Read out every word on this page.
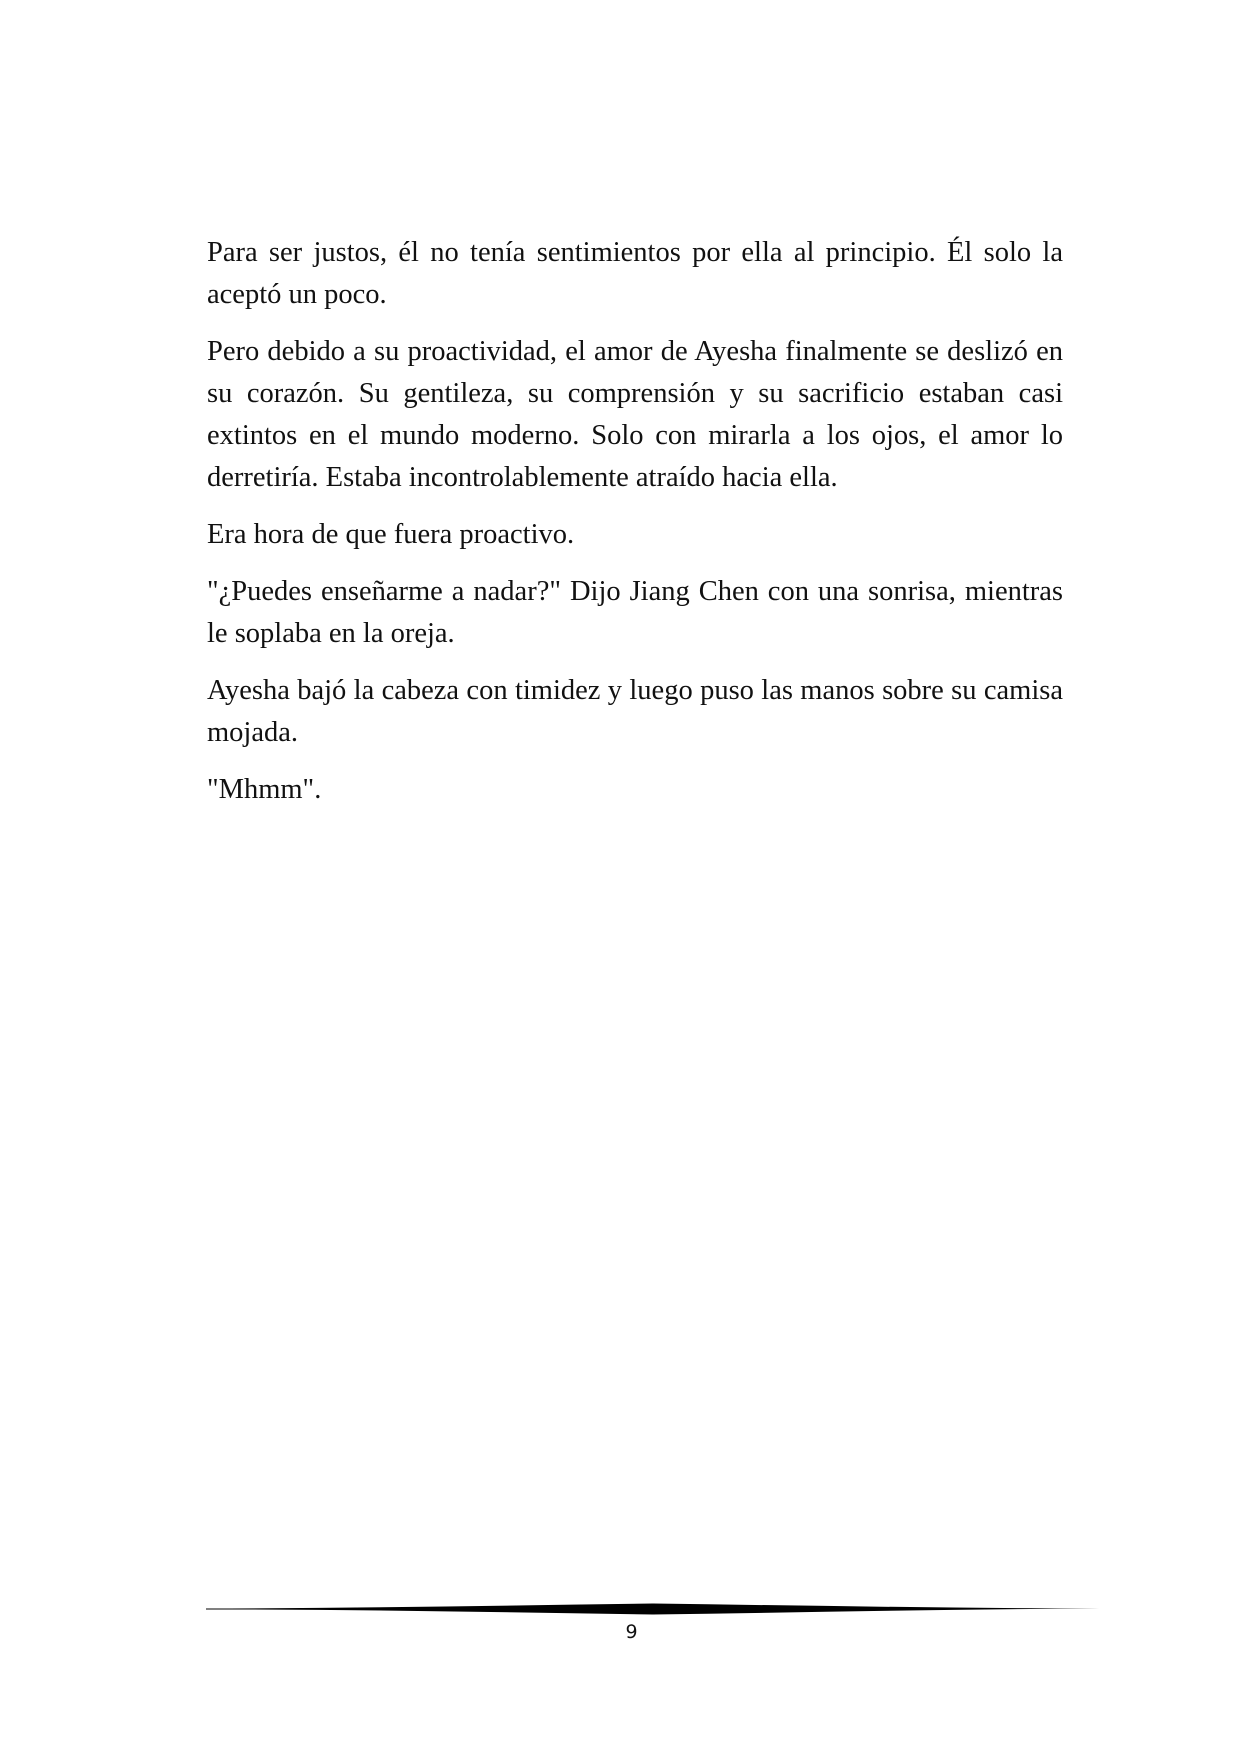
Para ser justos, él no tenía sentimientos por ella al principio. Él solo la aceptó un poco.

Pero debido a su proactividad, el amor de Ayesha finalmente se deslizó en su corazón. Su gentileza, su comprensión y su sacrificio estaban casi extintos en el mundo moderno. Solo con mirarla a los ojos, el amor lo derretiría. Estaba incontrolablemente atraído hacia ella.

Era hora de que fuera proactivo.

"¿Puedes enseñarme a nadar?" Dijo Jiang Chen con una sonrisa, mientras le soplaba en la oreja.

Ayesha bajó la cabeza con timidez y luego puso las manos sobre su camisa mojada.

"Mhmm".

9
